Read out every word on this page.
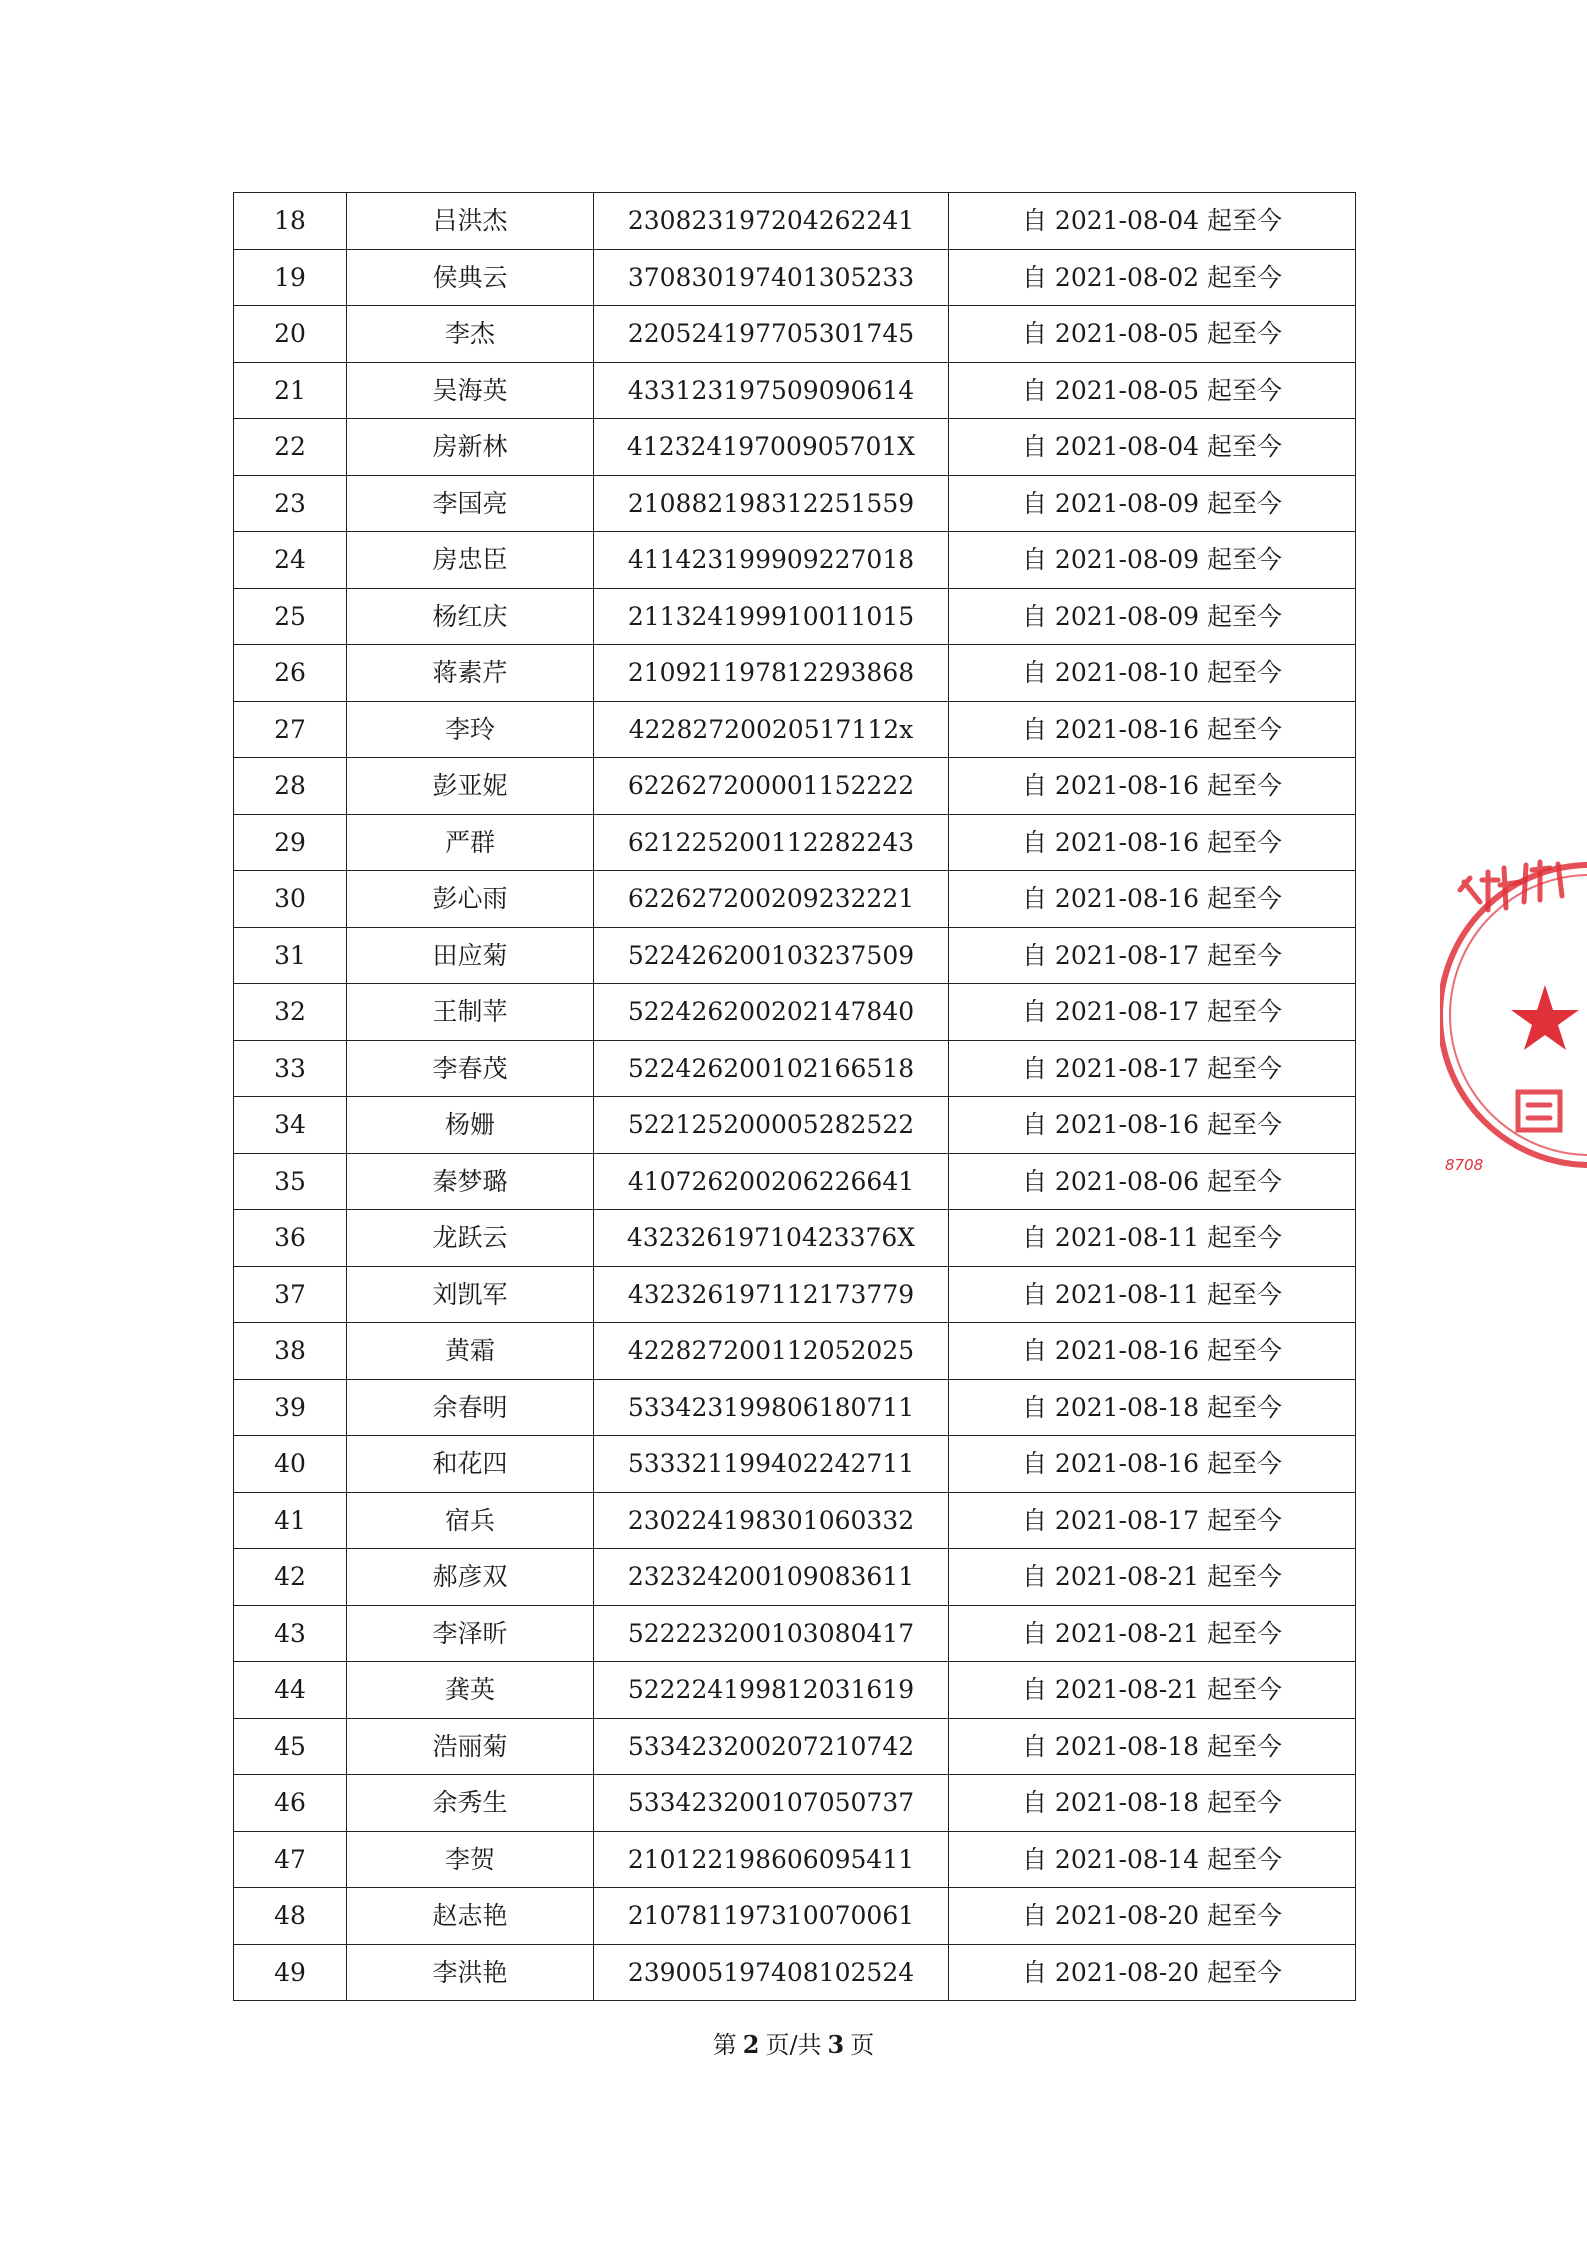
18	吕洪杰	230823197204262241	自 2021-08-04 起至今
19	侯典云	370830197401305233	自 2021-08-02 起至今
20	李杰	220524197705301745	自 2021-08-05 起至今
21	吴海英	433123197509090614	自 2021-08-05 起至今
22	房新林	41232419700905701X	自 2021-08-04 起至今
23	李国亮	210882198312251559	自 2021-08-09 起至今
24	房忠臣	411423199909227018	自 2021-08-09 起至今
25	杨红庆	211324199910011015	自 2021-08-09 起至今
26	蒋素芹	210921197812293868	自 2021-08-10 起至今
27	李玲	42282720020517112x	自 2021-08-16 起至今
28	彭亚妮	622627200001152222	自 2021-08-16 起至今
29	严群	621225200112282243	自 2021-08-16 起至今
30	彭心雨	622627200209232221	自 2021-08-16 起至今
31	田应菊	522426200103237509	自 2021-08-17 起至今
32	王制苹	522426200202147840	自 2021-08-17 起至今
33	李春茂	522426200102166518	自 2021-08-17 起至今
34	杨姗	522125200005282522	自 2021-08-16 起至今
35	秦梦璐	410726200206226641	自 2021-08-06 起至今
36	龙跃云	43232619710423376X	自 2021-08-11 起至今
37	刘凯军	432326197112173779	自 2021-08-11 起至今
38	黄霜	422827200112052025	自 2021-08-16 起至今
39	余春明	533423199806180711	自 2021-08-18 起至今
40	和花四	533321199402242711	自 2021-08-16 起至今
41	宿兵	230224198301060332	自 2021-08-17 起至今
42	郝彦双	232324200109083611	自 2021-08-21 起至今
43	李泽昕	522223200103080417	自 2021-08-21 起至今
44	龚英	522224199812031619	自 2021-08-21 起至今
45	浩丽菊	533423200207210742	自 2021-08-18 起至今
46	余秀生	533423200107050737	自 2021-08-18 起至今
47	李贺	210122198606095411	自 2021-08-14 起至今
48	赵志艳	210781197310070061	自 2021-08-20 起至今
49	李洪艳	239005197408102524	自 2021-08-20 起至今
第 2 页/共 3 页
8708
